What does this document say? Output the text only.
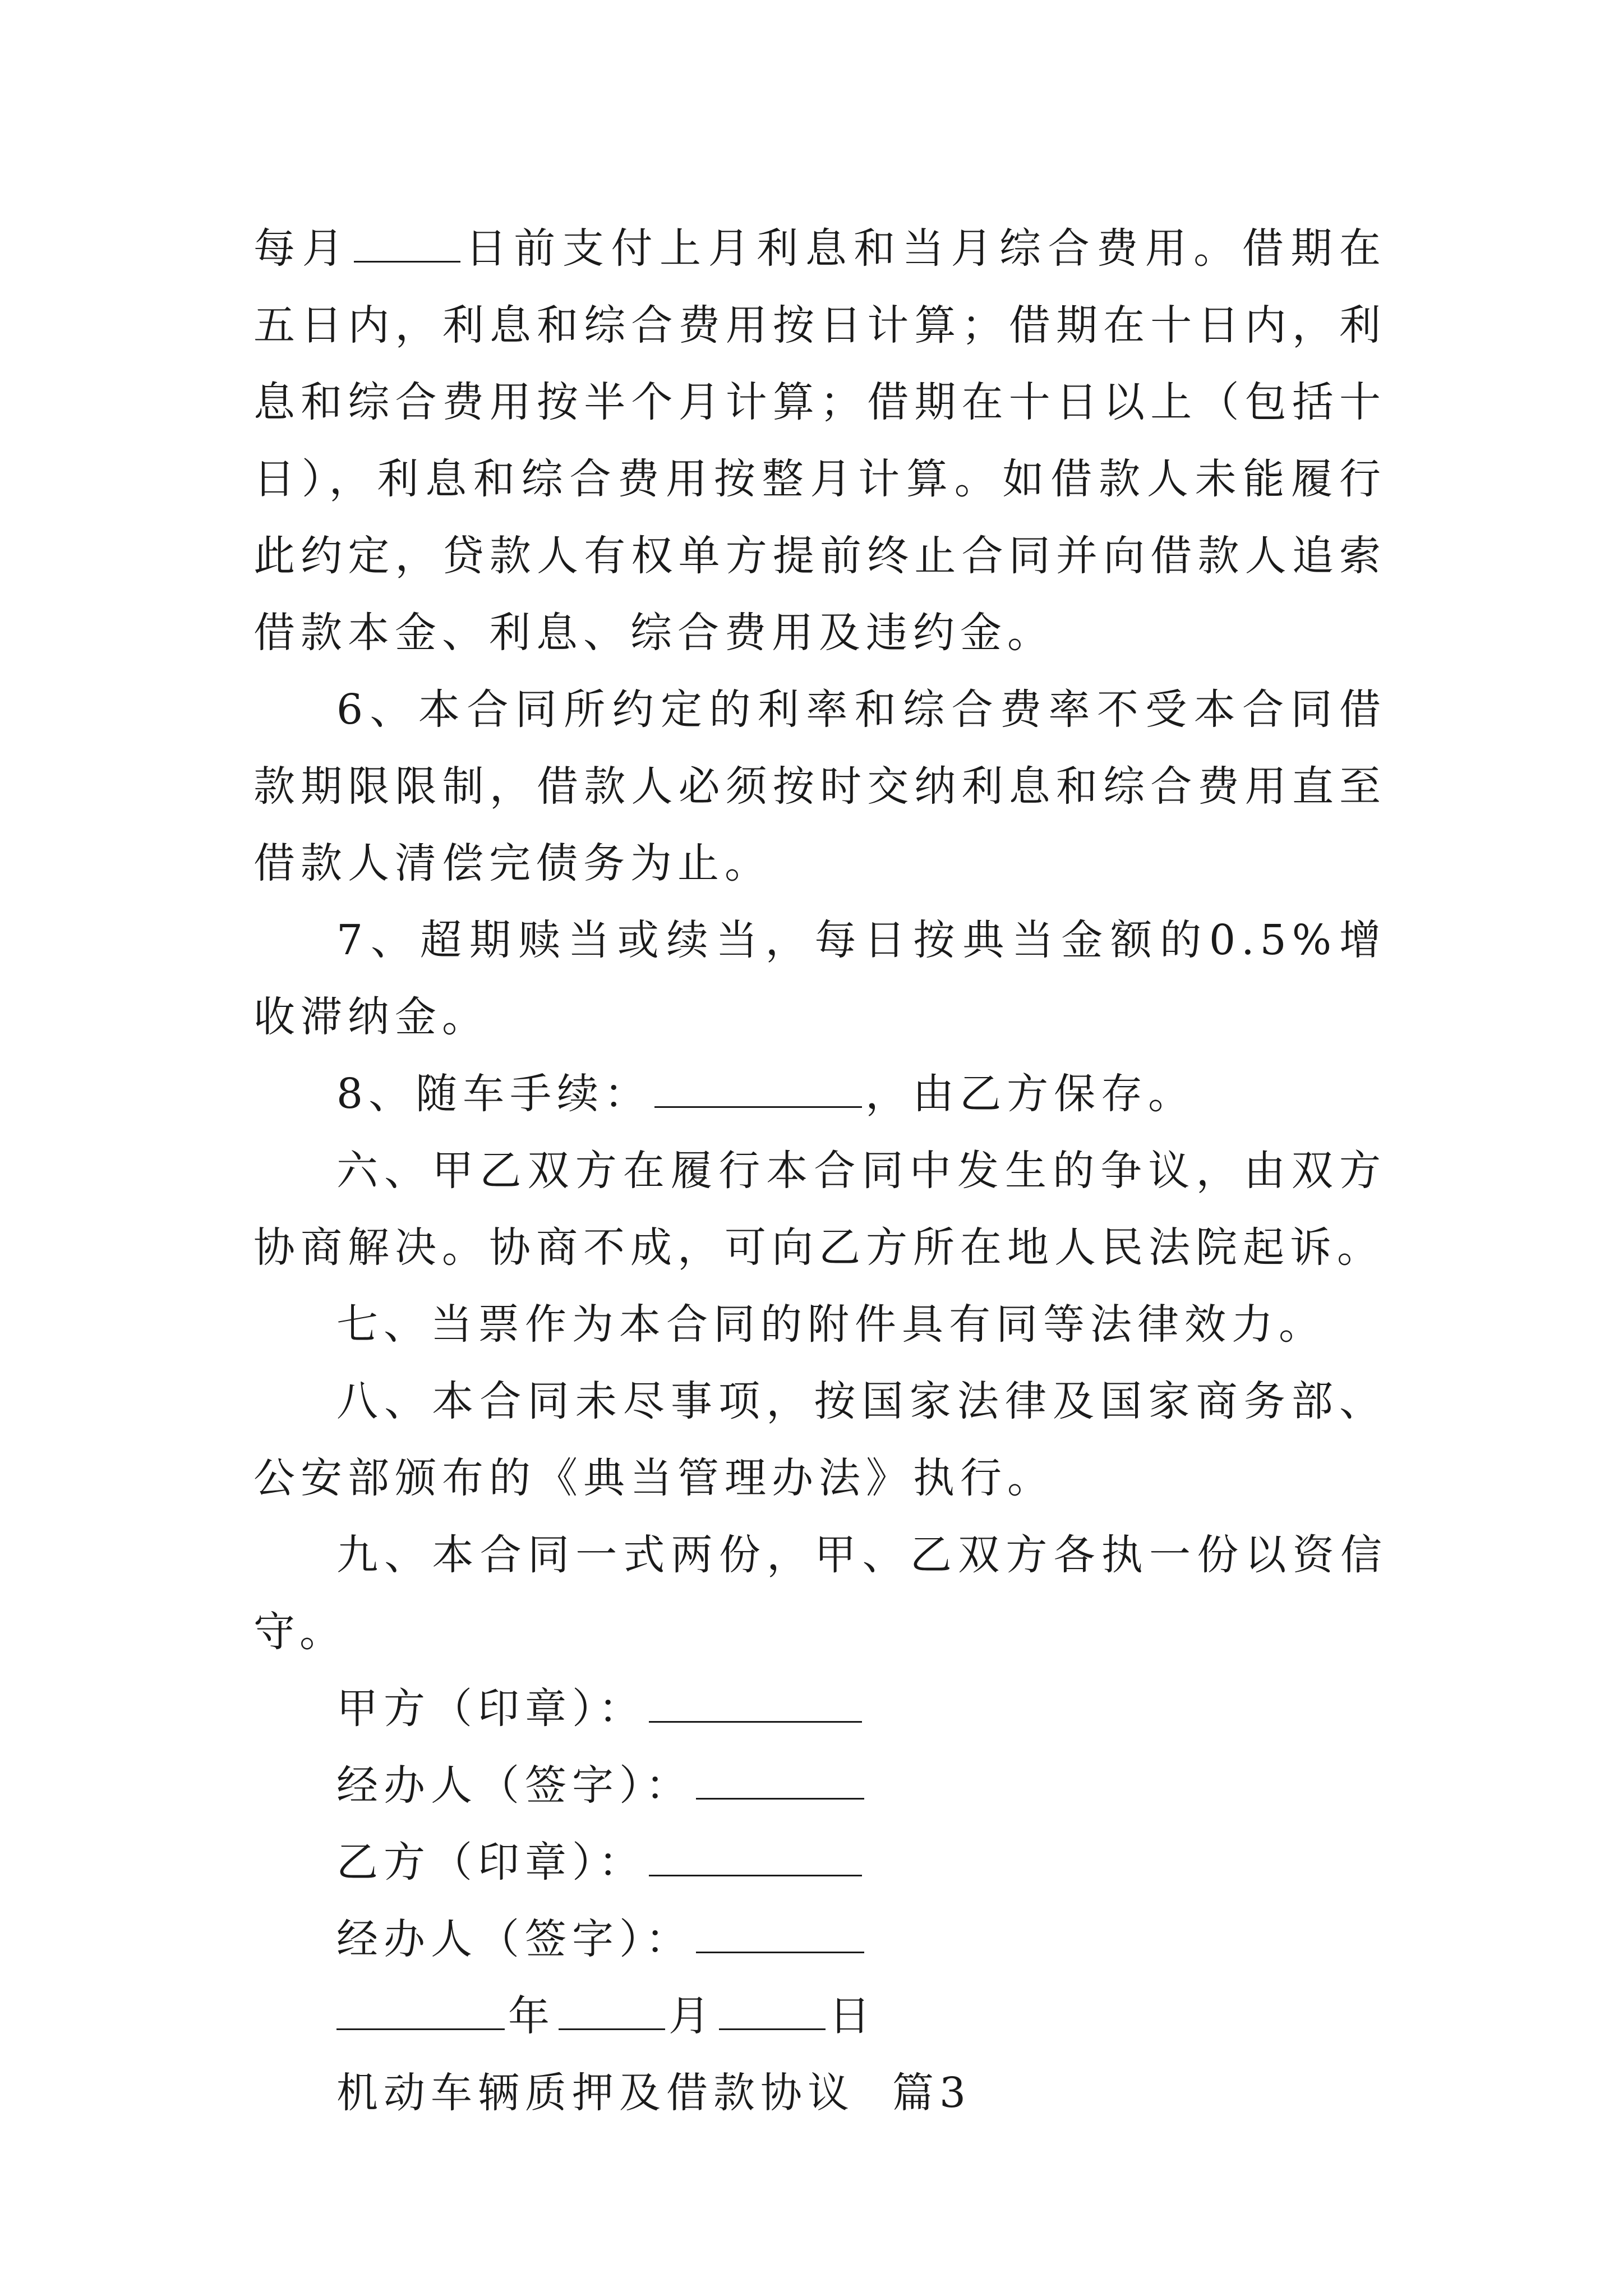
每月	日前支付上月利息和当月综合费用。借期在五日内，利息和综合费用按日计算；借期在十日内，利息和综合费用按半个月计算；借期在十日以上（包括十日），利息和综合费用按整月计算。如借款人未能履行此约定，贷款人有权单方提前终止合同并向借款人追索借款本金、利息、综合费用及违约金。

6、本合同所约定的利率和综合费率不受本合同借款期限限制，借款人必须按时交纳利息和综合费用直至借款人清偿完债务为止。

7、超期赎当或续当，每日按典当金额的0.5%增收滞纳金。

8、随车手续：	，由乙方保存。

六、甲乙双方在履行本合同中发生的争议，由双方协商解决。协商不成，可向乙方所在地人民法院起诉。

七、当票作为本合同的附件具有同等法律效力。

八、本合同未尽事项，按国家法律及国家商务部、公安部颁布的《典当管理办法》执行。

九、本合同一式两份，甲、乙双方各执一份以资信守。

甲方（印章）：

经办人（签字）：

乙方（印章）：

经办人（签字）：

年	月	日

机动车辆质押及借款协议  篇3
